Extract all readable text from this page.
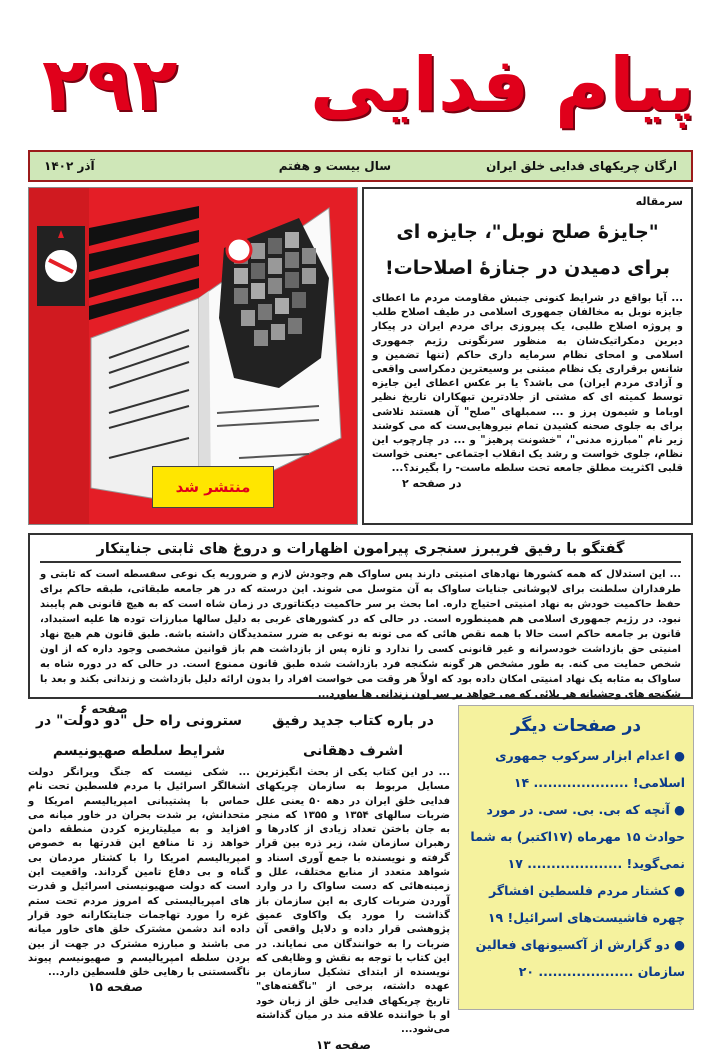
پیام فدایی
۲۹۲
ارگان چریکهای فدایی خلق ایران
سال بیست و هفتم
آذر ۱۴۰۲
منتشر شد
سرمقاله
"جایزهٔ صلح نوبل"، جایزه ای برای دمیدن در جنازهٔ اصلاحات!
... آیا بواقع در شرایط کنونی جنبش مقاومت مردم ما اعطای جایزه نوبل به مخالفان جمهوری اسلامی در طیف اصلاح طلب و پروژه اصلاح طلبی، یک پیروزی برای مردم ایران در پیکار دیرین دمکراتیک‌شان به منظور سرنگونی رژیم جمهوری اسلامی و امحای نظام سرمایه داری حاکم (تنها تضمین و شانس برقراری یک نظام مبتنی بر وسیعترین دمکراسی واقعی و آزادی مردم ایران) می باشد؟ یا بر عکس اعطای این جایزه توسط کمیته ای که مشتی از جلادترین تبهکاران تاریخ نظیر اوباما و شیمون پرز و ... سمبلهای "صلح" آن هستند تلاشی برای به جلوی صحنه کشیدن تمام نیروهایی‌ست که می کوشند زیر نام "مبارزه مدنی"، "خشونت پرهیز" و ... در چارچوب این نظام، جلوی خواست و رشد یک انقلاب اجتماعی -یعنی خواست قلبی اکثریت مطلق جامعه تحت سلطه ماست- را بگیرند؟...
در صفحه ۲
گفتگو با رفیق فریبرز سنجری پیرامون اظهارات و دروغ های ثابتی جنایتکار
... این استدلال که همه کشورها نهادهای امنیتی دارند پس ساواک هم وجودش لازم و ضروریه یک نوعی سفسطه است که ثابتی و طرفداران سلطنت برای لاپوشانی جنایات ساواک به آن متوسل می شوند. این درسته که در هر جامعه طبقاتی، طبقه حاکم برای حفظ حاکمیت خودش به نهاد امنیتی احتیاج داره. اما بحث بر سر حاکمیت دیکتاتوری در زمان شاه است که به هیچ قانونی هم پایبند نبود. در رژیم جمهوری اسلامی هم همینطوره است. در حالی که در کشورهای غربی به دلیل سالها مبارزات توده ها علیه استبداد، قانون بر جامعه حاکم است حالا با همه نقص هائی که می تونه به نوعی به ضرر ستمدیدگان داشته باشه. طبق قانون هم هیچ نهاد امنیتی حق بازداشت خودسرانه و غیر قانونی کسی را ندارد و تازه پس از بازداشت هم باز قوانین مشخصی وجود داره که از اون شخص حمایت می کنه. به طور مشخص هر گونه شکنجه فرد بازداشت شده طبق قانون ممنوع است. در حالی که در دوره شاه به ساواک به مثابه یک نهاد امنیتی امکان داده بود که اولاً هر وقت می خواست افراد را بدون ارائه دلیل بازداشت و زندانی بکند و بعد با شکنجه های وحشیانه هر بلائی که می خواهد بر سر اون زندانی ها بیاورد...
صفحه ۶
سترونی راه حل "دو دولت" در شرایط سلطه صهیونیسم
... شکی نیست که جنگ ویرانگر دولت اشغالگر اسرائیل با مردم فلسطین تحت نام حماس با پشتیبانی امپریالیسم امریکا و متحدانش، بر شدت بحران در خاور میانه می افزاید و به میلیتاریزه کردن منطقه دامن خواهد زد تا منافع این قدرتها به خصوص امپریالیسم امریکا را با کشتار مردمان بی گناه و بی دفاع تامین گرداند. واقعیت این است که دولت صهیونیستی اسرائیل و قدرت های امپریالیستی که امروز مردم تحت ستم غزه را مورد تهاجمات جنایتکارانه خود قرار داده اند دشمن مشترک خلق های خاور میانه می باشند و مبارزه مشترک در جهت از بین بردن سلطه امپریالیسم و صهیونیسم پیوند ناگسستنی با رهایی خلق فلسطین دارد...
صفحه ۱۵
در باره کتاب جدید رفیق اشرف دهقانی
... در این کتاب یکی از بحث انگیزترین مسایل مربوط به سازمان چریکهای فدایی خلق ایران در دهه ۵۰ یعنی علل ضربات سالهای ۱۳۵۴ و ۱۳۵۵ که منجر به جان باختن تعداد زیادی از کادرها و رهبران سازمان شد، زیر ذره بین قرار گرفته و نویسنده با جمع آوری اسناد و شواهد متعدد از منابع مختلف، علل و زمینه‌هائی که دست ساواک را در وارد آوردن ضربات کاری به این سازمان باز گذاشت را مورد یک واکاوی عمیق پژوهشی قرار داده و دلایل واقعی آن ضربات را به خوانندگان می نمایاند. در این کتاب با توجه به نقش و وظایفی که نویسنده از ابتدای تشکیل سازمان بر عهده داشته، برخی از "ناگفته‌های" تاریخ چریکهای فدایی خلق از زبان خود او با خواننده علاقه مند در میان گذاشته می‌شود...
صفحه ۱۳
در صفحات دیگر
● اعدام ابزار سرکوب جمهوری اسلامی! .................... ۱۴
● آنچه که بی. بی. سی. در مورد حوادث ۱۵ مهرماه (۱۷اکتبر) به شما نمی‌گوید! .................... ۱۷
● کشتار مردم فلسطین افشاگر چهره فاشیست‌های اسرائیل! ۱۹
● دو گزارش از آکسیونهای فعالین سازمان .................... ۲۰
